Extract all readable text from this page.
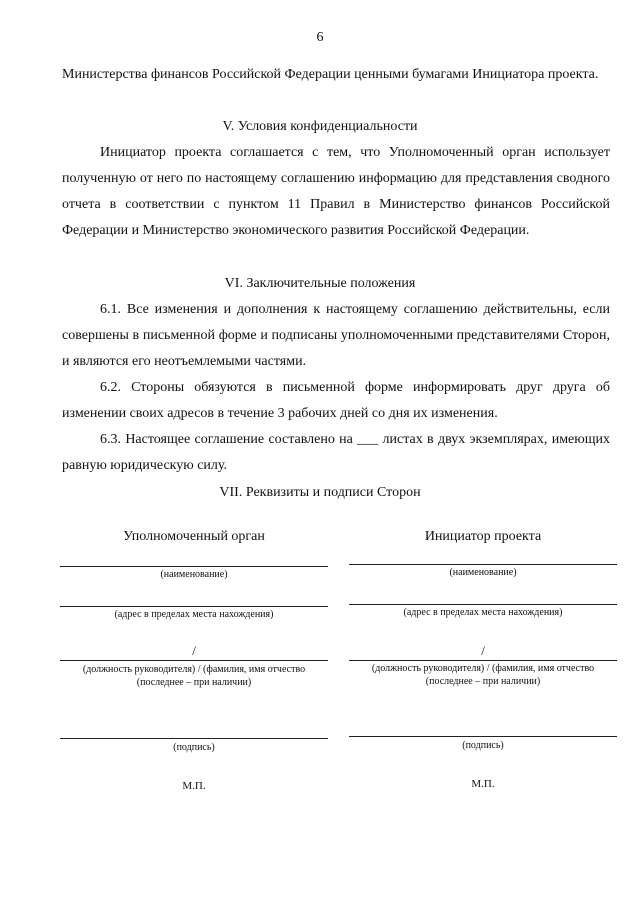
6

Министерства финансов Российской Федерации ценными бумагами Инициатора проекта.

V. Условия конфиденциальности

Инициатор проекта соглашается с тем, что Уполномоченный орган использует полученную от него по настоящему соглашению информацию для представления сводного отчета в соответствии с пунктом 11 Правил в Министерство финансов Российской Федерации и Министерство экономического развития Российской Федерации.

VI. Заключительные положения

6.1. Все изменения и дополнения к настоящему соглашению действительны, если совершены в письменной форме и подписаны уполномоченными представителями Сторон, и являются его неотъемлемыми частями.

6.2. Стороны обязуются в письменной форме информировать друг друга об изменении своих адресов в течение 3 рабочих дней со дня их изменения.

6.3. Настоящее соглашение составлено на ___ листах в двух экземплярах, имеющих равную юридическую силу.

VII. Реквизиты и подписи Сторон
Уполномоченный орган
(наименование)
(адрес в пределах места нахождения)
/
(должность руководителя) / (фамилия, имя отчество
(последнее – при наличии)
(подпись)
М.П.
Инициатор проекта
(наименование)
(адрес в пределах места нахождения)
/
(должность руководителя) / (фамилия, имя отчество
(последнее – при наличии)
(подпись)
М.П.
